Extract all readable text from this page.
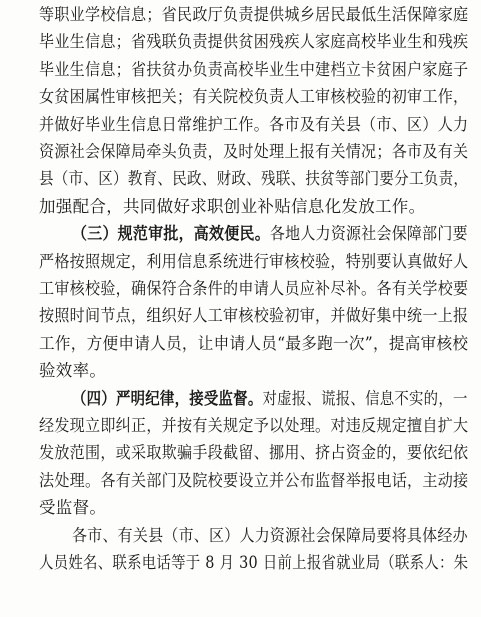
等职业学校信息；省民政厅负责提供城乡居民最低生活保障家庭
毕业生信息；省残联负责提供贫困残疾人家庭高校毕业生和残疾
毕业生信息；省扶贫办负责高校毕业生中建档立卡贫困户家庭子
女贫困属性审核把关；有关院校负责人工审核校验的初审工作，
并做好毕业生信息日常维护工作。各市及有关县（市、区）人力
资源社会保障局牵头负责，及时处理上报有关情况；各市及有关
县（市、区）教育、民政、财政、残联、扶贫等部门要分工负责，
加强配合，共同做好求职创业补贴信息化发放工作。
（三）规范审批，高效便民。各地人力资源社会保障部门要
严格按照规定，利用信息系统进行审核校验，特别要认真做好人
工审核校验，确保符合条件的申请人员应补尽补。各有关学校要
按照时间节点，组织好人工审核校验初审，并做好集中统一上报
工作，方便申请人员，让申请人员“最多跑一次”，提高审核校
验效率。
（四）严明纪律，接受监督。对虚报、谎报、信息不实的，一
经发现立即纠正，并按有关规定予以处理。对违反规定擅自扩大
发放范围，或采取欺骗手段截留、挪用、挤占资金的，要依纪依
法处理。各有关部门及院校要设立并公布监督举报电话，主动接
受监督。
各市、有关县（市、区）人力资源社会保障局要将具体经办
人员姓名、联系电话等于 8 月 30 日前上报省就业局（联系人：朱
